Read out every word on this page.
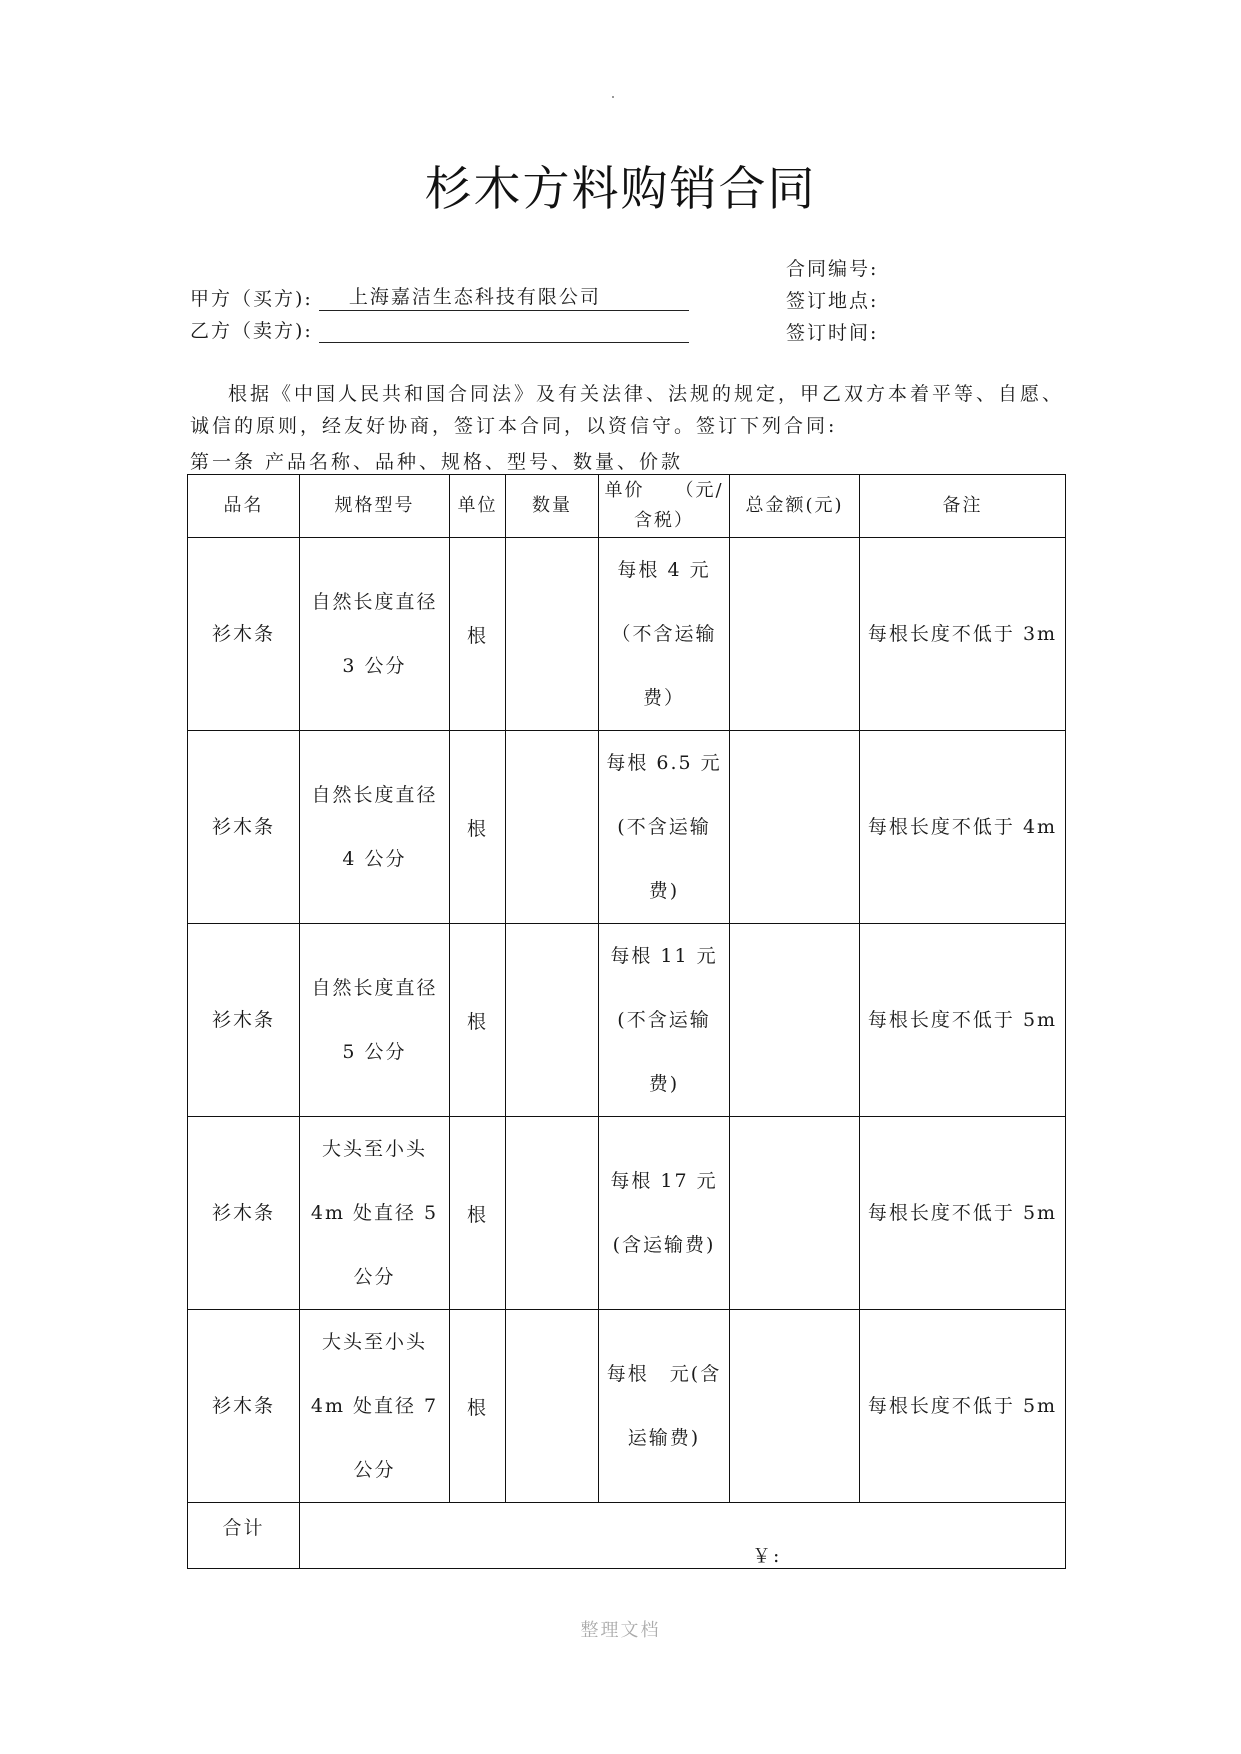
杉木方料购销合同
合同编号:
签订地点:
签订时间:
甲方（买方):	上海嘉洁生态科技有限公司
乙方（卖方):
根据《中国人民共和国合同法》及有关法律、法规的规定，甲乙双方本着平等、自愿、诚信的原则，经友好协商，签订本合同，以资信守。签订下列合同:
第一条 产品名称、品种、规格、型号、数量、价款
品名	规格型号	单位	数量	单价　　（元/含税）	总金额(元)	备注
衫木条	自然长度直径 3 公分	根		每根 4 元（不含运输费）		每根长度不低于 3m
衫木条	自然长度直径 4 公分	根		每根 6.5 元(不含运输费)		每根长度不低于 4m
衫木条	自然长度直径 5 公分	根		每根 11 元(不含运输费)		每根长度不低于 5m
衫木条	大头至小头 4m 处直径 5 公分	根		每根 17 元(含运输费)		每根长度不低于 5m
衫木条	大头至小头 4m 处直径 7 公分	根		每根　元(含运输费)		每根长度不低于 5m

合计	￥:					
整理文档
